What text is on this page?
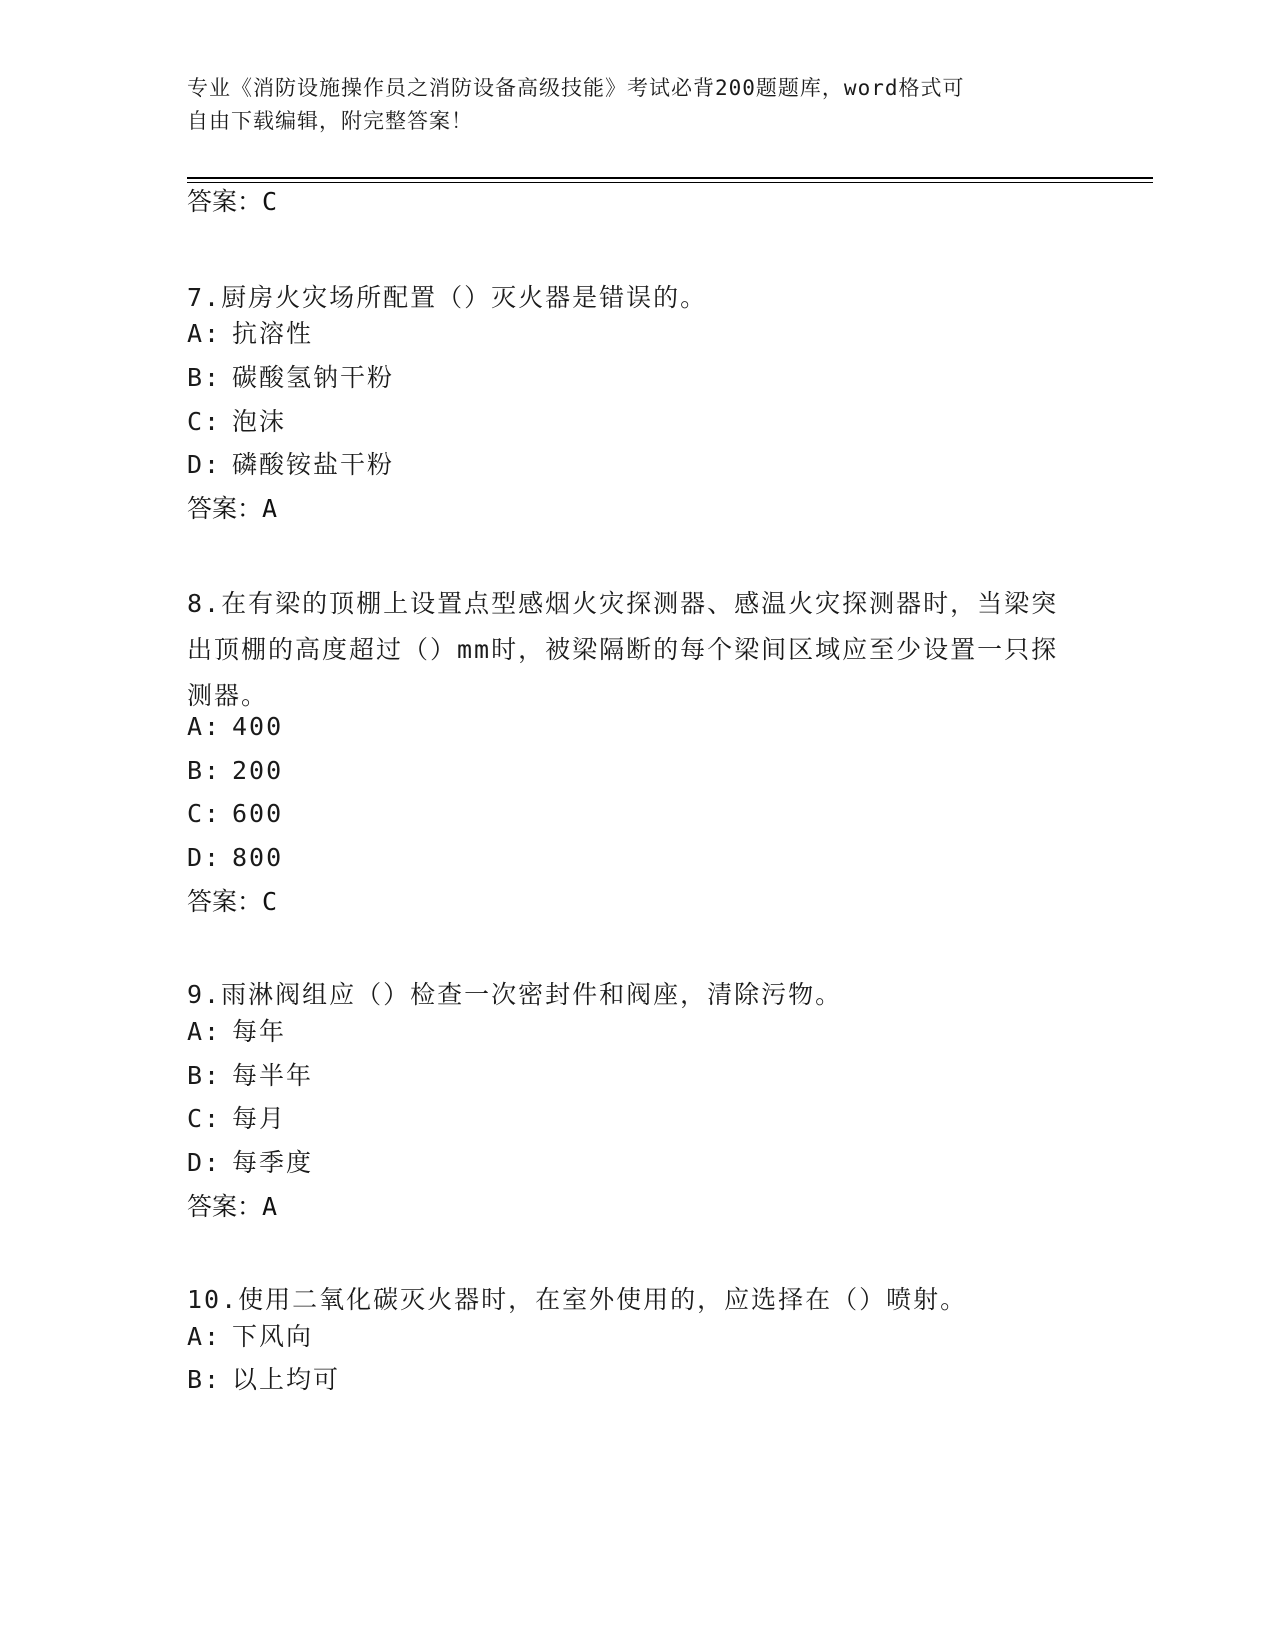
专业《消防设施操作员之消防设备高级技能》考试必背200题题库，word格式可
自由下载编辑，附完整答案！
答案：C
7.厨房火灾场所配置（）灭火器是错误的。
A: 抗溶性
B: 碳酸氢钠干粉
C: 泡沫
D: 磷酸铵盐干粉
答案：A
8.在有梁的顶棚上设置点型感烟火灾探测器、感温火灾探测器时，当梁突出顶棚的高度超过（）mm时，被梁隔断的每个梁间区域应至少设置一只探测器。
A: 400
B: 200
C: 600
D: 800
答案：C
9.雨淋阀组应（）检查一次密封件和阀座，清除污物。
A: 每年
B: 每半年
C: 每月
D: 每季度
答案：A
10.使用二氧化碳灭火器时，在室外使用的，应选择在（）喷射。
A: 下风向
B: 以上均可
